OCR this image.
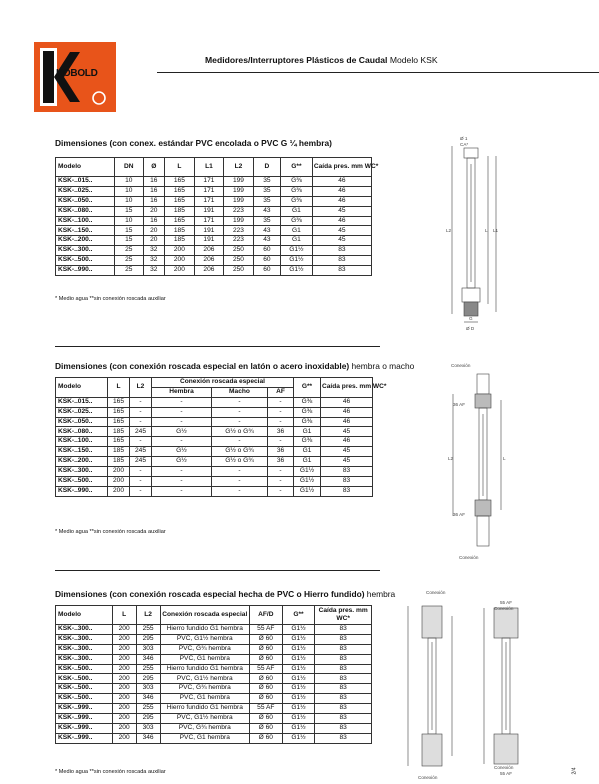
KOBOLD
Medidores/Interruptores Plásticos de Caudal Modelo KSK
Dimensiones (con conex. estándar PVC encolada o PVC G ¼ hembra)
Modelo	DN	Ø	L	L1	L2	D	G**	Caída pres. mm WC*
KSK-..015..	10	16	165	171	199	35	G⅜	46
KSK-..025..	10	16	165	171	199	35	G⅜	46
KSK-..050..	10	16	165	171	199	35	G⅜	46
KSK-..080..	15	20	185	191	223	43	G1	45
KSK-..100..	10	16	165	171	199	35	G⅜	46
KSK-..150..	15	20	185	191	223	43	G1	45
KSK-..200..	15	20	185	191	223	43	G1	45
KSK-..300..	25	32	200	206	250	60	G1½	83
KSK-..500..	25	32	200	206	250	60	G1½	83
KSK-..990..	25	32	200	206	250	60	G1½	83
* Medio agua **sin conexión roscada auxiliar
Ø 1
CA*
L2	L L1
G
Ø D
Dimensiones (con conexión roscada especial en latón o acero inoxidable) hembra o macho
Modelo	L	L2	Conexión roscada especial			G**	Caída pres. mm WC*
			Hembra	Macho	AF		
KSK-..015..	165	-	-	-	-	G⅜	46
KSK-..025..	165	-	-	-	-	G⅜	46
KSK-..050..	165	-	-	-	-	G⅜	46
KSK-..080..	185	245	G½	G½ o G¾	36	G1	45
KSK-..100..	165	-	-	-	-	G⅜	46
KSK-..150..	185	245	G½	G½ o G¾	36	G1	45
KSK-..200..	185	245	G½	G½ o G¾	36	G1	45
KSK-..300..	200	-	-	-	-	G1½	83
KSK-..500..	200	-	-	-	-	G1½	83
KSK-..990..	200	-	-	-	-	G1½	83
* Medio agua **sin conexión roscada auxiliar
Conexión
36 AF
36 AF
L2	L
Conexión
Dimensiones (con conexión roscada especial hecha de PVC o Hierro fundido) hembra
Modelo	L	L2	Conexión roscada especial	AF/D	G**	Caída pres. mm WC*
KSK-..300..	200	255	Hierro fundido G1 hembra	55 AF	G1½	83
KSK-..300..	200	295	PVC, G1½ hembra	Ø 60	G1½	83
KSK-..300..	200	303	PVC, G¾ hembra	Ø 60	G1½	83
KSK-..300..	200	346	PVC, G1 hembra	Ø 60	G1½	83
KSK-..500..	200	255	Hierro fundido G1 hembra	55 AF	G1½	83
KSK-..500..	200	295	PVC, G1½ hembra	Ø 60	G1½	83
KSK-..500..	200	303	PVC, G¾ hembra	Ø 60	G1½	83
KSK-..500..	200	346	PVC, G1 hembra	Ø 60	G1½	83
KSK-..999..	200	255	Hierro fundido G1 hembra	55 AF	G1½	83
KSK-..999..	200	295	PVC, G1½ hembra	Ø 60	G1½	83
KSK-..999..	200	303	PVC, G¾ hembra	Ø 60	G1½	83
KSK-..999..	200	346	PVC, G1 hembra	Ø 60	G1½	83
* Medio agua **sin conexión roscada auxiliar
Conexión
55 AF
Conexión
Conexión
Conexión
55 AF	2/4
